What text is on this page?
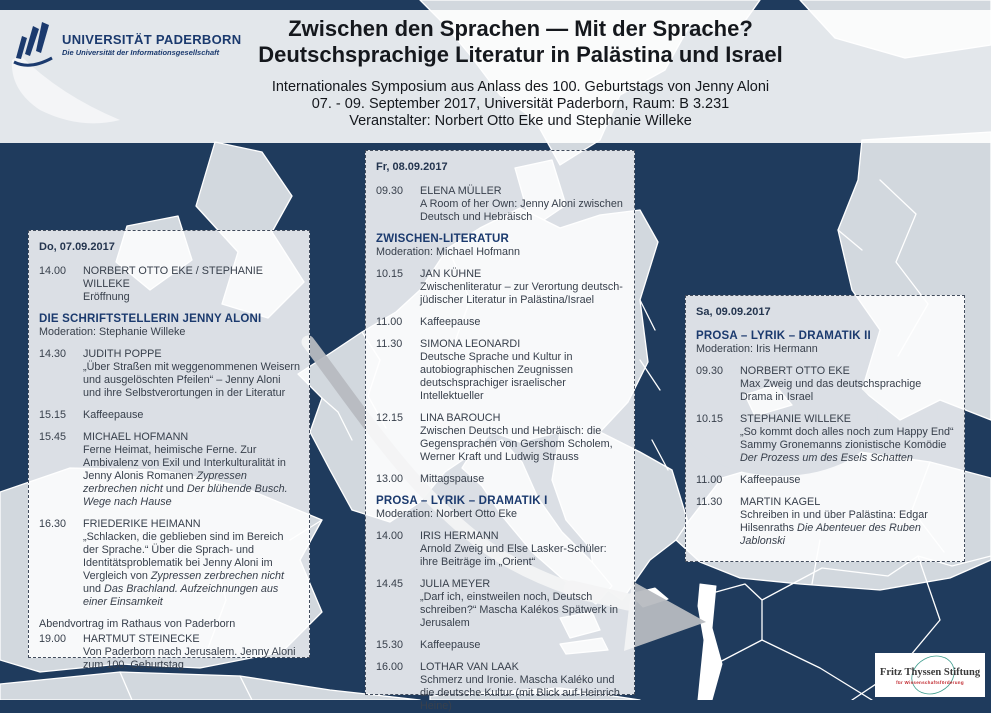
UNIVERSITÄT PADERBORN
Die Universität der Informationsgesellschaft
Zwischen den Sprachen — Mit der Sprache?
Deutschsprachige Literatur in Palästina und Israel
Internationales Symposium aus Anlass des 100. Geburtstags von Jenny Aloni
07. - 09. September 2017, Universität Paderborn, Raum: B 3.231
Veranstalter: Norbert Otto Eke und Stephanie Willeke
Do, 07.09.2017
14.00 NORBERT OTTO EKE / STEPHANIE WILLEKE
Eröffnung
DIE SCHRIFTSTELLERIN JENNY ALONI
Moderation: Stephanie Willeke
14.30 JUDITH POPPE
„Über Straßen mit weggenommenen Weisern und ausgelöschten Pfeilen“ – Jenny Aloni und ihre Selbstverortungen in der Literatur
15.15 Kaffeepause
15.45 MICHAEL HOFMANN
Ferne Heimat, heimische Ferne. Zur Ambivalenz von Exil und Interkulturalität in Jenny Alonis Romanen Zypressen zerbrechen nicht und Der blühende Busch. Wege nach Hause
16.30 FRIEDERIKE HEIMANN
„Schlacken, die geblieben sind im Bereich der Sprache.“ Über die Sprach- und Identitätsproblematik bei Jenny Aloni im Vergleich von Zypressen zerbrechen nicht und Das Brachland. Aufzeichnungen aus einer Einsamkeit
Abendvortrag im Rathaus von Paderborn
19.00 HARTMUT STEINECKE
Von Paderborn nach Jerusalem. Jenny Aloni zum 100. Geburtstag
Fr, 08.09.2017
09.30 ELENA MÜLLER
A Room of her Own: Jenny Aloni zwischen Deutsch und Hebräisch
ZWISCHEN-LITERATUR
Moderation: Michael Hofmann
10.15 JAN KÜHNE
Zwischenliteratur – zur Verortung deutsch-jüdischer Literatur in Palästina/Israel
11.00 Kaffeepause
11.30 SIMONA LEONARDI
Deutsche Sprache und Kultur in autobiographischen Zeugnissen deutschsprachiger israelischer Intellektueller
12.15 LINA BAROUCH
Zwischen Deutsch und Hebräisch: die Gegensprachen von Gershom Scholem, Werner Kraft und Ludwig Strauss
13.00 Mittagspause
PROSA – LYRIK – DRAMATIK I
Moderation: Norbert Otto Eke
14.00 IRIS HERMANN
Arnold Zweig und Else Lasker-Schüler: ihre Beiträge im „Orient“
14.45 JULIA MEYER
„Darf ich, einstweilen noch, Deutsch schreiben?“ Mascha Kalékos Spätwerk in Jerusalem
15.30 Kaffeepause
16.00 LOTHAR VAN LAAK
Schmerz und Ironie. Mascha Kaléko und die deutsche Kultur (mit Blick auf Heinrich Heine)
Sa, 09.09.2017
PROSA – LYRIK – DRAMATIK II
Moderation: Iris Hermann
09.30 NORBERT OTTO EKE
Max Zweig und das deutschsprachige Drama in Israel
10.15 STEPHANIE WILLEKE
„So kommt doch alles noch zum Happy End“ Sammy Gronemanns zionistische Komödie Der Prozess um des Esels Schatten
11.00 Kaffeepause
11.30 MARTIN KAGEL
Schreiben in und über Palästina: Edgar Hilsenraths Die Abenteuer des Ruben Jablonski
Fritz Thyssen Stiftung
für Wissenschaftsförderung
